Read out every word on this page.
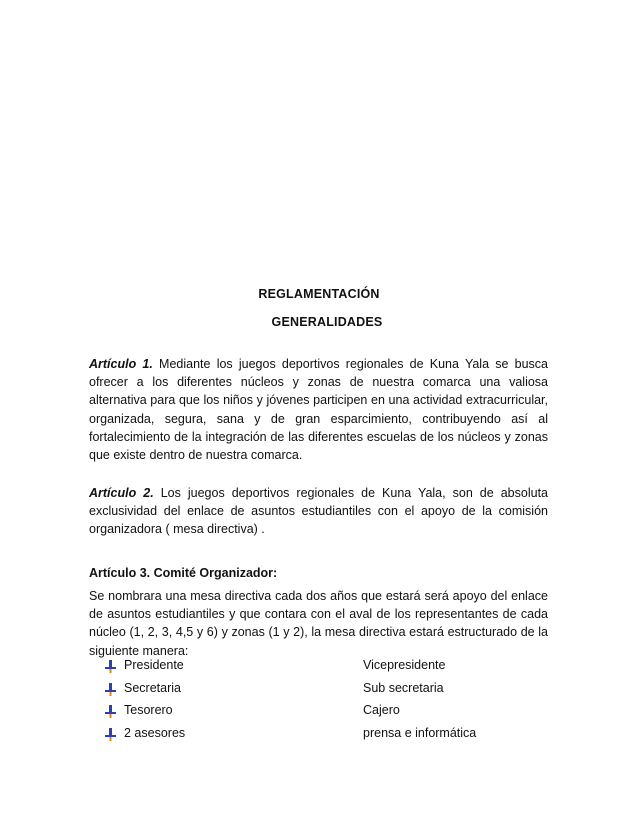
REGLAMENTACIÓN
GENERALIDADES
Artículo 1. Mediante los juegos deportivos regionales de Kuna Yala se busca ofrecer a los diferentes núcleos y zonas de nuestra comarca una valiosa alternativa para que los niños y jóvenes participen en una actividad extracurricular, organizada, segura, sana y de gran esparcimiento, contribuyendo así al fortalecimiento de la integración de las diferentes escuelas de los núcleos y zonas que existe dentro de nuestra comarca.
Artículo 2. Los juegos deportivos regionales de Kuna Yala, son de absoluta exclusividad del enlace de asuntos estudiantiles con el apoyo de la comisión organizadora ( mesa directiva) .
Artículo 3. Comité Organizador:
Se nombrara una mesa directiva cada dos años que estará será apoyo del enlace de asuntos estudiantiles y que contara con el aval de los representantes de cada núcleo (1, 2, 3, 4,5 y 6) y zonas (1 y 2), la mesa directiva estará estructurado de la siguiente manera:
Presidente	Vicepresidente
Secretaria	Sub secretaria
Tesorero	Cajero
2 asesores	prensa e informática
